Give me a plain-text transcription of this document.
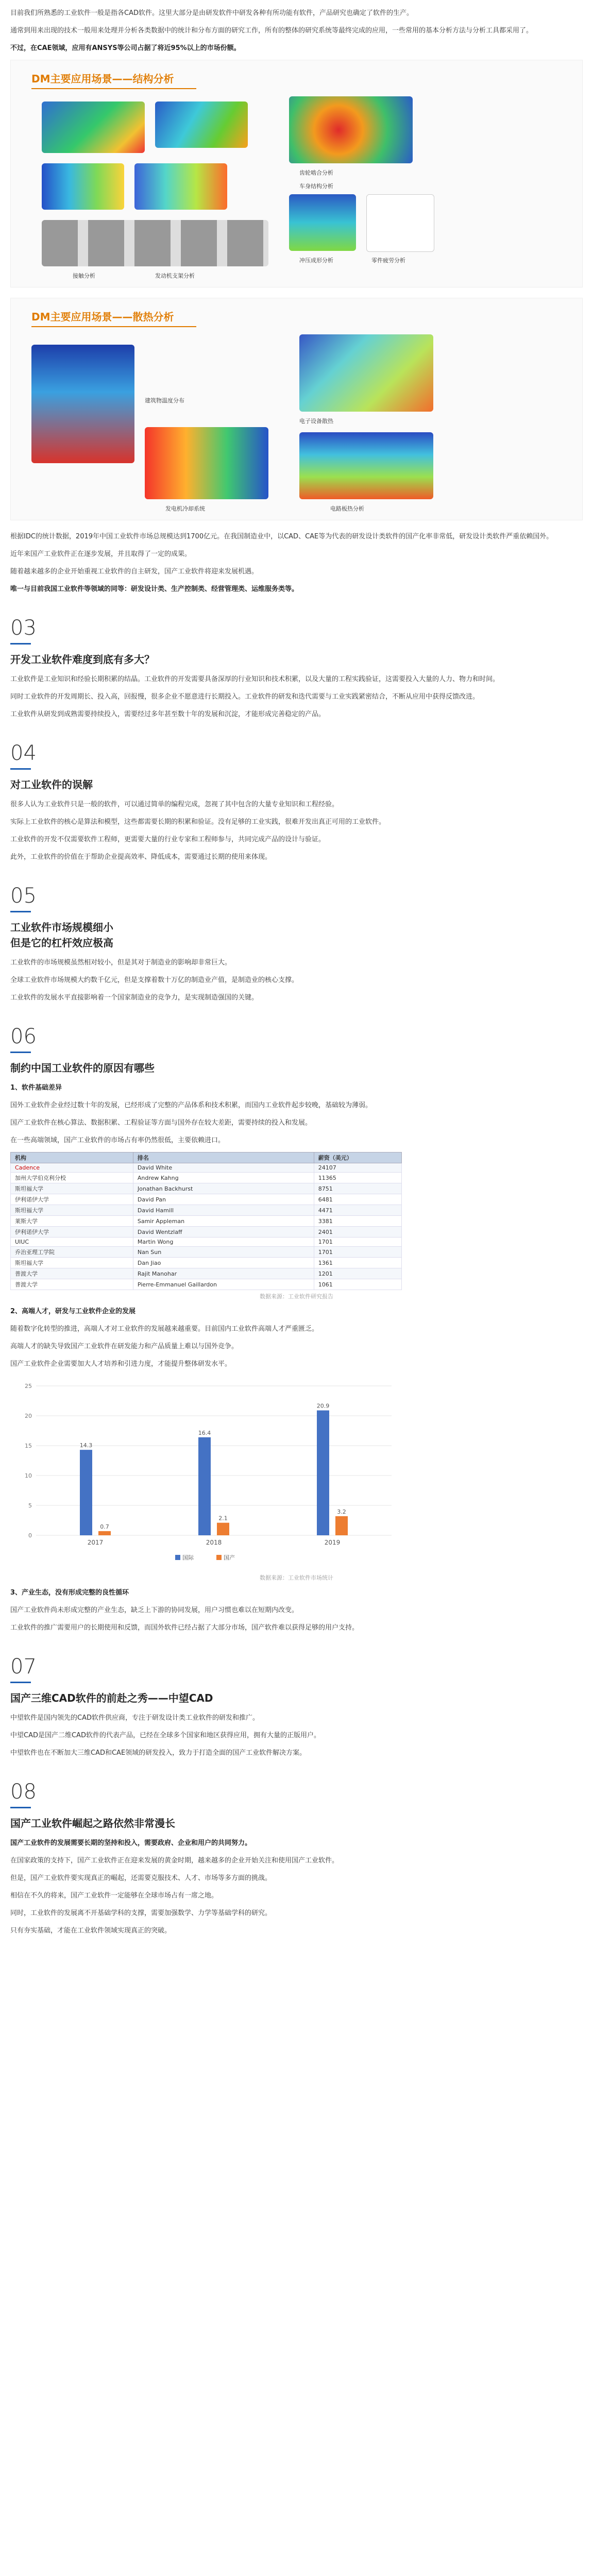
目前我们所熟悉的工业软件一般是指各CAD软件。这里大部分是由研发软件中研发各种有所功能有软件，产品研究也确定了软件的生产。

通常到用来出现的技术一般用来处理并分析各类数据中的统计和分布方面的研究工作，所有的整体的研究系统等最终完成的应用，一些常用的基本分析方法与分析工具都采用了。

不过，在CAE领域，应用有ANSYS等公司占据了将近95%以上的市场份额。

DM主要应用场景——结构分析
齿轮啮合分析
车身结构分析
接触分析	发动机支架分析
冲压成形分析	零件疲劳分析
DM主要应用场景——散热分析
建筑物温度分布
电子设备散热
发电机冷却系统	电路板热分析

根据IDC的统计数据，2019年中国工业软件市场总规模达到1700亿元。在我国制造业中，以CAD、CAE等为代表的研发设计类软件的国产化率非常低，研发设计类软件严重依赖国外。

近年来国产工业软件正在逐步发展，并且取得了一定的成果。

随着越来越多的企业开始重视工业软件的自主研发，国产工业软件将迎来发展机遇。

唯一与目前我国工业软件等领域的同等：研发设计类、生产控制类、经营管理类、运维服务类等。

03
开发工业软件难度到底有多大？

工业软件是工业知识和经验长期积累的结晶。工业软件的开发需要具备深厚的行业知识和技术积累，以及大量的工程实践验证，这需要投入大量的人力、物力和时间。

同时工业软件的开发周期长、投入高，回报慢，很多企业不愿意进行长期投入。工业软件的研发和迭代需要与工业实践紧密结合，不断从应用中获得反馈改进。

工业软件从研发到成熟需要持续投入，需要经过多年甚至数十年的发展和沉淀，才能形成完善稳定的产品。

04
对工业软件的误解

很多人认为工业软件只是一般的软件，可以通过简单的编程完成，忽视了其中包含的大量专业知识和工程经验。

实际上工业软件的核心是算法和模型，这些都需要长期的积累和验证。没有足够的工业实践，很难开发出真正可用的工业软件。

工业软件的开发不仅需要软件工程师，更需要大量的行业专家和工程师参与，共同完成产品的设计与验证。

此外，工业软件的价值在于帮助企业提高效率、降低成本，需要通过长期的使用来体现。

05
工业软件市场规模细小
但是它的杠杆效应极高

工业软件的市场规模虽然相对较小，但是其对于制造业的影响却非常巨大。

全球工业软件市场规模大约数千亿元，但是支撑着数十万亿的制造业产值，是制造业的核心支撑。

工业软件的发展水平直接影响着一个国家制造业的竞争力，是实现制造强国的关键。

06
制约中国工业软件的原因有哪些

1、软件基础差异

国外工业软件企业经过数十年的发展，已经形成了完整的产品体系和技术积累，而国内工业软件起步较晚，基础较为薄弱。

国产工业软件在核心算法、数据积累、工程验证等方面与国外存在较大差距，需要持续的投入和发展。

在一些高端领域，国产工业软件的市场占有率仍然很低，主要依赖进口。

机构	排名	薪资（美元）
Cadence	David White	24107
加州大学伯克利分校	Andrew Kahng	11365
斯坦福大学	Jonathan Backhurst	8751
伊利诺伊大学	David Pan	6481
斯坦福大学	David Hamill	4471
莱斯大学	Samir Appleman	3381
伊利诺伊大学	David Wentzlaff	2401
UIUC	Martin Wong	1701
乔治亚理工学院	Nan Sun	1701
斯坦福大学	Dan Jiao	1361
普渡大学	Rajit Manohar	1201
普渡大学	Pierre-Emmanuel Gaillardon	1061
数据来源：工业软件研究报告

2、高端人才，研发与工业软件企业的发展

随着数字化转型的推进，高端人才对工业软件的发展越来越重要。目前国内工业软件高端人才严重匮乏。

高端人才的缺失导致国产工业软件在研发能力和产品质量上难以与国外竞争。

国产工业软件企业需要加大人才培养和引进力度，才能提升整体研发水平。

0
5
10
15
20
25
14.3
0.7
2017
16.4
2.1
2018
20.9
3.2
2019
国际	国产
数据来源：工业软件市场统计

3、产业生态，没有形成完整的良性循环

国产工业软件尚未形成完整的产业生态，缺乏上下游的协同发展，用户习惯也难以在短期内改变。

工业软件的推广需要用户的长期使用和反馈，而国外软件已经占据了大部分市场，国产软件难以获得足够的用户支持。

07
国产三维CAD软件的前赴之秀——中望CAD

中望软件是国内领先的CAD软件供应商，专注于研发设计类工业软件的研发和推广。

中望CAD是国产二维CAD软件的代表产品，已经在全球多个国家和地区获得应用，拥有大量的正版用户。

中望软件也在不断加大三维CAD和CAE领域的研发投入，致力于打造全面的国产工业软件解决方案。

08
国产工业软件崛起之路依然非常漫长

国产工业软件的发展需要长期的坚持和投入，需要政府、企业和用户的共同努力。

在国家政策的支持下，国产工业软件正在迎来发展的黄金时期，越来越多的企业开始关注和使用国产工业软件。

但是，国产工业软件要实现真正的崛起，还需要克服技术、人才、市场等多方面的挑战。

相信在不久的将来，国产工业软件一定能够在全球市场占有一席之地。

同时，工业软件的发展离不开基础学科的支撑，需要加强数学、力学等基础学科的研究。

只有夯实基础，才能在工业软件领域实现真正的突破。
